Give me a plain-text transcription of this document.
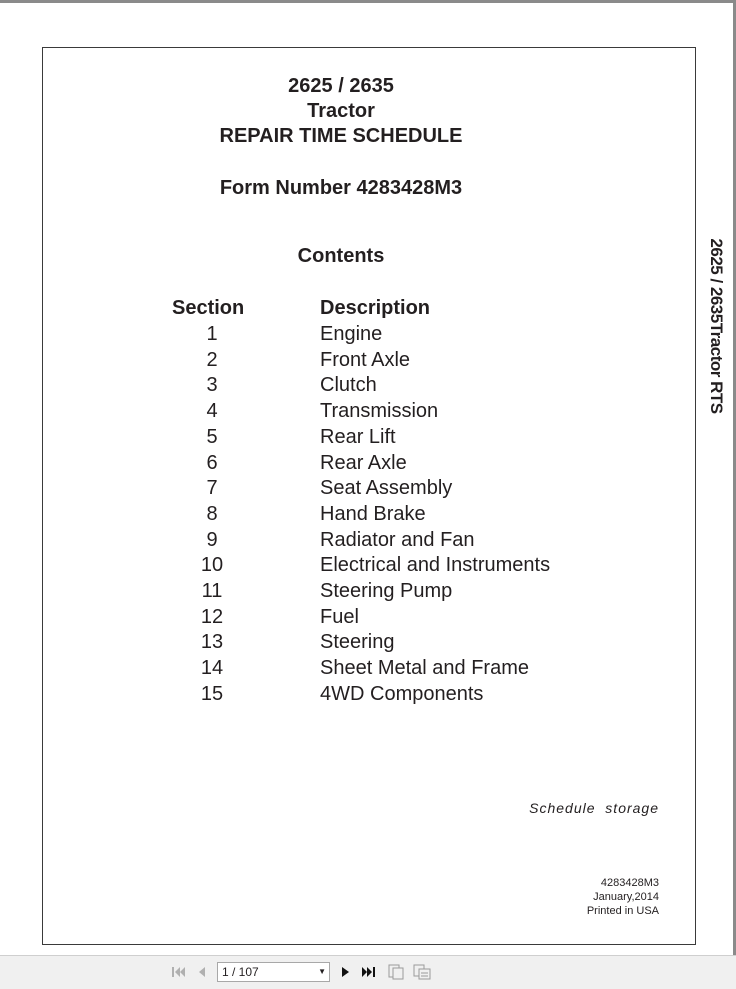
2625 / 2635
Tractor
REPAIR TIME SCHEDULE
Form Number 4283428M3
Contents	2625 / 2635Tractor RTS
Section	Description
1	Engine
2	Front Axle
3	Clutch
4	Transmission
5	Rear Lift
6	Rear Axle
7	Seat Assembly
8	Hand Brake
9	Radiator and Fan
10	Electrical and Instruments
11	Steering Pump
12	Fuel
13	Steering
14	Sheet Metal and Frame
15	4WD Components
Schedule  storage
4283428M3
January,2014
Printed in USA
1 / 107	▼
